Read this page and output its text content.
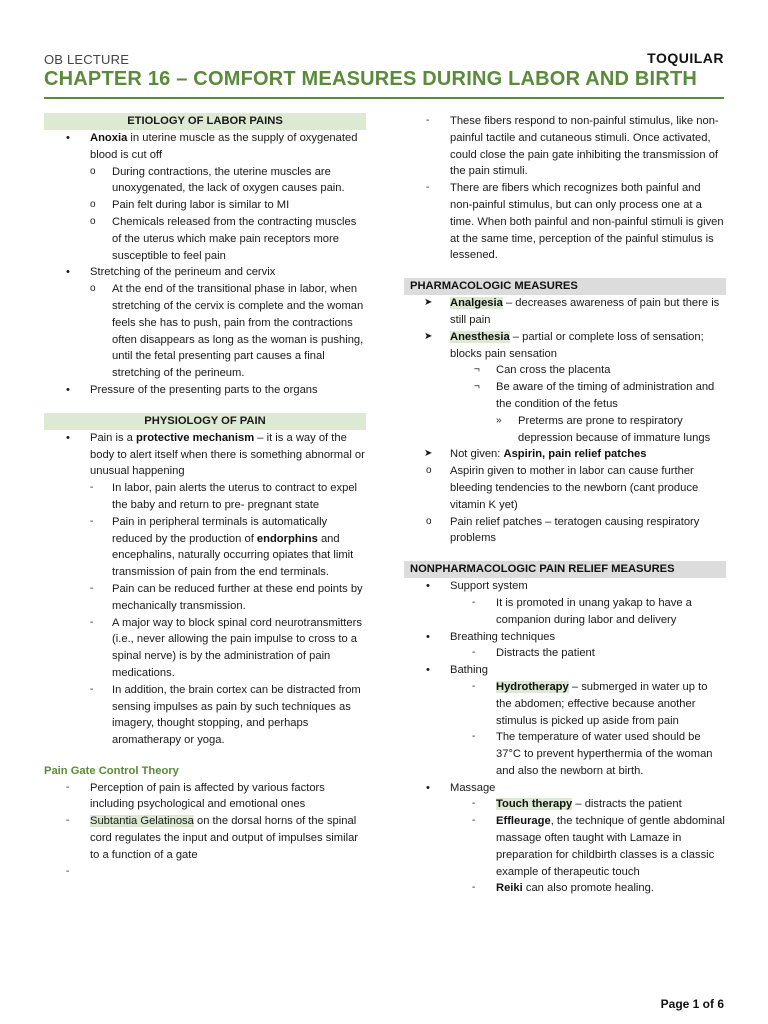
OB LECTURE	TOQUILAR
CHAPTER 16 – COMFORT MEASURES DURING LABOR AND BIRTH
ETIOLOGY OF LABOR PAINS
• Anoxia in uterine muscle as the supply of oxygenated blood is cut off
o During contractions, the uterine muscles are unoxygenated, the lack of oxygen causes pain.
o Pain felt during labor is similar to MI
o Chemicals released from the contracting muscles of the uterus which make pain receptors more susceptible to feel pain
• Stretching of the perineum and cervix
o At the end of the transitional phase in labor, when stretching of the cervix is complete and the woman feels she has to push, pain from the contractions often disappears as long as the woman is pushing, until the fetal presenting part causes a final stretching of the perineum.
• Pressure of the presenting parts to the organs
PHYSIOLOGY OF PAIN
• Pain is a protective mechanism – it is a way of the body to alert itself when there is something abnormal or unusual happening
- In labor, pain alerts the uterus to contract to expel the baby and return to pre- pregnant state
- Pain in peripheral terminals is automatically reduced by the production of endorphins and encephalins, naturally occurring opiates that limit transmission of pain from the end terminals.
- Pain can be reduced further at these end points by mechanically transmission.
- A major way to block spinal cord neurotransmitters (i.e., never allowing the pain impulse to cross to a spinal nerve) is by the administration of pain medications.
- In addition, the brain cortex can be distracted from sensing impulses as pain by such techniques as imagery, thought stopping, and perhaps aromatherapy or yoga.
Pain Gate Control Theory
- Perception of pain is affected by various factors including psychological and emotional ones
- Subtantia Gelatinosa on the dorsal horns of the spinal cord regulates the input and output of impulses similar to a function of a gate
-
- These fibers respond to non-painful stimulus, like non-painful tactile and cutaneous stimuli. Once activated, could close the pain gate inhibiting the transmission of the pain stimuli.
- There are fibers which recognizes both painful and non-painful stimulus, but can only process one at a time. When both painful and non-painful stimuli is given at the same time, perception of the painful stimulus is lessened.
PHARMACOLOGIC MEASURES
➤ Analgesia – decreases awareness of pain but there is still pain
➤ Anesthesia – partial or complete loss of sensation; blocks pain sensation
¬ Can cross the placenta
¬ Be aware of the timing of administration and the condition of the fetus
» Preterms are prone to respiratory depression because of immature lungs
➤ Not given: Aspirin, pain relief patches
o Aspirin given to mother in labor can cause further bleeding tendencies to the newborn (cant produce vitamin K yet)
o Pain relief patches – teratogen causing respiratory problems
NONPHARMACOLOGIC PAIN RELIEF MEASURES
• Support system
- It is promoted in unang yakap to have a companion during labor and delivery
• Breathing techniques
- Distracts the patient
• Bathing
- Hydrotherapy – submerged in water up to the abdomen; effective because another stimulus is picked up aside from pain
- The temperature of water used should be 37°C to prevent hyperthermia of the woman and also the newborn at birth.
• Massage
- Touch therapy – distracts the patient
- Effleurage, the technique of gentle abdominal massage often taught with Lamaze in preparation for childbirth classes is a classic example of therapeutic touch
- Reiki can also promote healing.
Page 1 of 6
